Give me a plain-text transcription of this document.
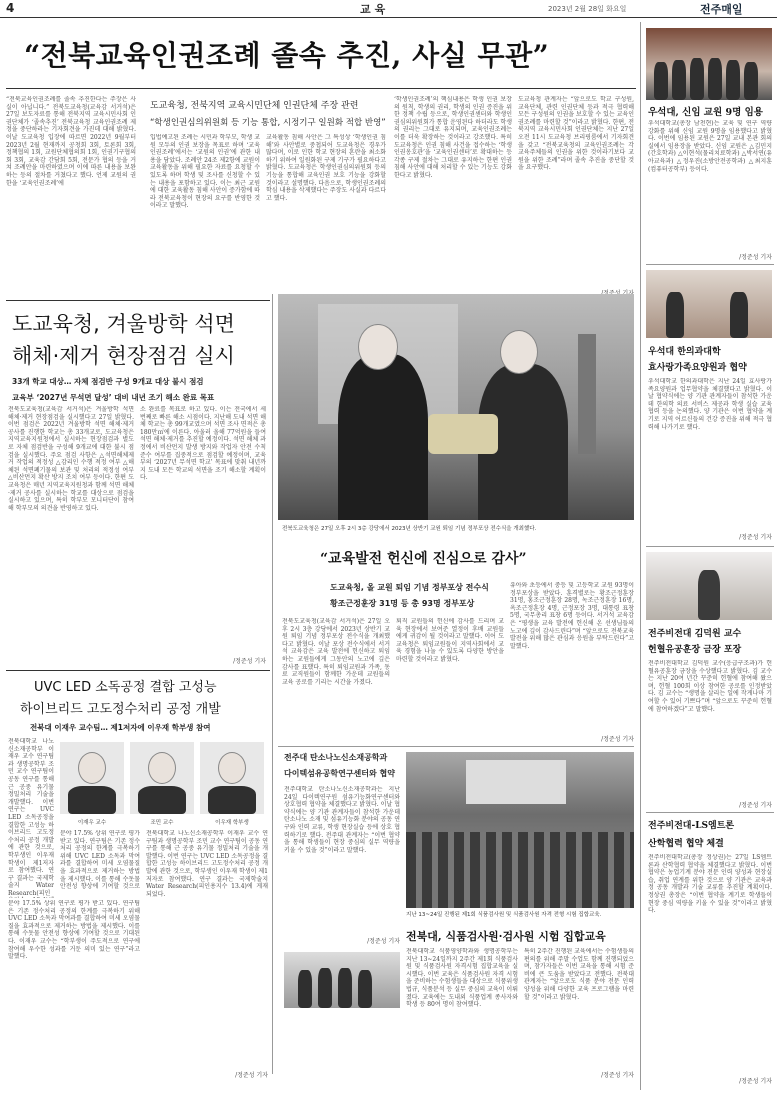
4	교육	2023년 2월 28일 화요일	전주매일
“전북교육인권조례 졸속 추진, 사실 무관”
“전북교육인권조례를 졸속 추진한다는 주장은 사실이 아닙니다.” 전북도교육청(교육감 서거석)은 27일 보도자료를 통해 전북지역 교육시민사회 인권단체가 ‘졸속추진’ 전북교육청 교육인권조례 제정을 중단하라는 기자회견을 가진데 대해 밝혔다. 이날 도교육청 입장에 따르면 2022년 9월부터 2023년 2월 현재까지 공청회 3회, 토론회 3회, 정책협의 1회, 교원단체협의회 1회, 인권기구협의회 3회, 교육감 간담회 5회, 전문가 협의 등을 거쳐 조례안을 마련하였으며 이에 따른 내용을 보완하는 등의 절차를 거쳤다고 했다. 언제 교원의 권한을 ‘교육인권조례’에
도교육청, 전북지역 교육시민단체 인권단체 주장 관련
“학생인권심의위원회 등 기능 통합, 시정기구 일원화 적합 반영”
입법예고된 조례는 시민과 학부모, 학생 교원 모두의 인권 보장을 목표로 하며 ‘교육인권조례’에서는 ‘교원의 인권’에 관한 내용을 담았다. 조례안 24조 제2항에 교원이 교육활동을 위해 필요한 자료를 요청할 수 있도록 하며 학생 및 조사를 신청할 수 있는 내용을 포함하고 있다. 이는 최근 교원에 대한 교육활동 침해 사안이 증가함에 따라 전북교육청이 현장의 요구를 반영한 것이라고 말했다.
교육활동 침해 사안은 그 특성상 ‘학생인권 침해’와 사안별로 중첩되어 도교육청은 경우가 많다며, 이로 인한 학교 현장의 혼란을 최소화하기 위하여 일원화된 구제 기구가 필요하다고 밝혔다. 도교육청은 학생인권심의위원회 등의 기능을 통합해 교육인권 보호 기능을 강화할 것이라고 설명했다. 다음으로, 학생인권조례의 학심 내용을 삭제했다는 주장도 사실과 다르다고 했다.
‘학생인권조례’의 핵심내용은 학생 인권 보장의 원칙, 학생의 권리, 학생의 인권 증진을 위한 정책 수립 등으로, 학생인권센터와 학생인권심의위원회가 통합 운영된다 하더라도 학생의 권리는 그대로 유지되며, 교육인권조례는 이를 더욱 확장하는 것이라고 강조했다. 특히 도교육청은 인권 침해 사건을 접수하는 ‘학생인권옹호관’을 ‘교육인권센터’로 확대하는 등 각종 구제 절차는 그대로 유지하는 한편 인권 침해 사안에 대해 처리할 수 있는 기능도 강화한다고 밝혔다.
도교육청 관계자는 “앞으로도 학교 구성원, 교육단체, 관련 인권단체 등과 적극 협력해 모든 구성원의 인권을 보호할 수 있는 교육인권조례를 마련할 것”이라고 밝혔다. 한편, 전북지역 교육시민사회 인권단체는 지난 27일 오전 11시 도교육청 브리핑룸에서 기자회견을 갖고 “전북교육청의 교육인권조례는 각 교육주체들의 인권을 위한 것이라기보다 교원을 위한 조례”라며 졸속 추진을 중단할 것을 요구했다.
우석대, 신임 교원 9명 임용
우석대학교(총장 남천현)는 교육 및 연구 역량 강화를 위해 신임 교원 9명을 임용했다고 밝혔다. 이번에 임용된 교원은 27일 교내 본관 회의실에서 임용장을 받았다. 신임 교원은 △김민지(간호학과) △이현석(물리치료학과) △박서연(유아교육과) △정우진(소방안전공학과) △최지훈(컴퓨터공학부) 등이다.
/정준성 기자
우석대 한의과대학
효사랑가족요양원과 협약
우석대학교 한의과대학은 지난 24일 효사랑가족요양원과 업무협약을 체결했다고 밝혔다. 이날 협약식에는 양 기관 관계자들이 참석한 가운데 한의학 의료 서비스 제공과 학생 실습 교육 협력 등을 논의했다. 양 기관은 이번 협약을 계기로 지역 어르신들의 건강 증진을 위해 적극 협력해 나가기로 했다.
/정준성 기자
전주비전대 김덕원 교수
헌혈유공훈장 금장 포장
전주비전대학교 김덕원 교수(응급구조과)가 헌혈유공훈장 금장을 수상했다고 밝혔다. 김 교수는 지난 20여 년간 꾸준히 헌혈에 참여해 왔으며, 헌혈 100회 이상 참여한 공로를 인정받았다. 김 교수는 “생명을 살리는 일에 작게나마 기여할 수 있어 기쁘다”며 “앞으로도 꾸준히 헌혈에 참여하겠다”고 말했다.
/정준성 기자
전주비전대-LS엠트론
산학협력 협약 체결
전주비전대학교(총장 정상권)는 27일 LS엠트론과 산학협력 협약을 체결했다고 밝혔다. 이번 협약은 농업기계 분야 전문 인력 양성과 현장실습, 취업 연계를 위한 것으로 양 기관은 교육과정 공동 개발과 기술 교류를 추진할 계획이다. 정상권 총장은 “이번 협약을 계기로 학생들이 현장 중심 역량을 키울 수 있을 것”이라고 밝혔다.
/정준성 기자
도교육청, 겨울방학 석면
해체·제거 현장점검 실시
33개 학교 대상… 자체 점검반 구성 9개교 대상 불시 점검
교육부 ‘2027년 무석면 달성’ 대비 내년 조기 해소 완료 목표
전북도교육청(교육감 서거석)은 겨울방학 석면 해체·제거 현장점검을 실시했다고 27일 밝혔다. 이번 점검은 2022년 겨울방학 석면 해체·제거 공사를 진행한 학교는 총 33개교로, 도교육청은 지역교육지원청에서 실시하는 현장점검과 별도로 자체 점검반을 구성해 9개교에 대한 불시 점검을 실시했다. 주요 점검 사항은 △석면해체제거 작업의 적정성 △감리인 수행 적정 여부 △해체된 석면폐기물의 보관 및 처리의 적정성 여부 △비산먼지 확산 방지 조치 여부 등이다. 한편 도교육청은 매년 지역교육지원청과 함께 석면 해체·제거 공사를 실시하는 학교를 대상으로 점검을 실시하고 있으며, 특히 학부모 모니터단이 참여해 학부모의 의견을 반영하고 있다.
소 완료를 목표로 하고 있다. 이는 전국에서 세 번째로 빠른 해소 시점이다. 지난해 도내 석면 해체 학교는 총 99개교였으며 석면 조사 면적은 총 180만㎡에 이른다. 아울러 올해 77억원을 들여 석면 해체·제거를 추진할 예정이다. 석면 해체 과정에서 비산먼지 발생 방지와 작업자 안전 수칙 준수 여부를 집중적으로 점검할 예정이며, 교육부의 ‘2027년 무석면 학교’ 목표에 맞춰 내년까지 도내 모든 학교의 석면을 조기 해소할 계획이다.
/정준성 기자
전북도교육청은 27일 오후 2시 3층 강당에서 2023년 상반기 교원 퇴임 기념 정부포상 전수식을 개최했다.
“교육발전 헌신에 진심으로 감사”
도교육청, 올 교원 퇴임 기념 정부포상 전수식
황조근정훈장 31명 등 총 93명 정부포상
전북도교육청(교육감 서거석)은 27일 오후 2시 3층 강당에서 2023년 상반기 교원 퇴임 기념 정부포상 전수식을 개최했다고 밝혔다. 이날 포상 전수식에서 서거석 교육감은 교육 발전에 헌신하고 퇴임하는 교원들에게 그동안의 노고에 깊은 감사를 표했다. 특히 퇴임교원과 가족, 동료 교직원들이 함께한 가운데 교원들의 교육 공로를 기리는 시간을 가졌다.
퇴직 교원들의 헌신에 감사를 드리며 교육 현장에서 보여준 열정이 후배 교원들에게 귀감이 될 것이라고 말했다. 이어 도교육청은 퇴임교원들이 지역사회에서 교육 경험을 나눌 수 있도록 다양한 방안을 마련할 것이라고 밝혔다.
유아와 초등에서 중등 및 고등학교 교원 93명이 정부포상을 받았다. 훈격별로는 황조근정훈장 31명, 홍조근정훈장 28명, 녹조근정훈장 16명, 옥조근정훈장 4명, 근정포장 3명, 대통령 표창 5명, 국무총리 표창 6명 등이다. 서거석 교육감은 “평생을 교육 발전에 헌신해 온 선생님들의 노고에 깊이 감사드린다”며 “앞으로도 전북교육 발전을 위해 많은 관심과 응원을 부탁드린다”고 말했다.
/정준성 기자
UVC LED 소독공정 결합 고성능
하이브리드 고도정수처리 공정 개발
전북대 이재우 교수팀… 제1저자에 이우재 학부생 참여
전북대학교 나노신소재공학부 이재우 교수 연구팀과 생명공학부 조민 교수 연구팀이 공동 연구를 통해 근 공중 유기물 정밀처리 기술을 개발했다. 이번 연구는 UVC LED 소독공정을 결합한 고성능 하이브리드 고도정수처리 공정 개발에 관한 것으로, 학부생인 이우재 학생이 제1저자로 참여했다. 연구 결과는 국제학술지 Water Research(피인
이재우 교수	조민 교수	이우재 학부생
분야 17.5% 상위 연구로 평가 받고 있다. 연구팀은 기존 정수처리 공정의 한계를 극복하기 위해 UVC LED 소독과 막여과를 결합하여 미세 오염물질을 효과적으로 제거하는 방법을 제시했다. 이를 통해 수돗물 안전성 향상에 기여할 것으로
전북대학교 나노신소재공학부 이재우 교수 연구팀과 생명공학부 조민 교수 연구팀이 공동 연구를 통해 근 공중 유기물 정밀처리 기술을 개발했다. 이번 연구는 UVC LED 소독공정을 결합한 고성능 하이브리드 고도정수처리 공정 개발에 관한 것으로, 학부생인 이우재 학생이 제1저자로 참여했다. 연구 결과는 국제학술지 Water Research(피인용지수 13.4)에 게재되었다.
분야 17.5% 상위 연구로 평가 받고 있다. 연구팀은 기존 정수처리 공정의 한계를 극복하기 위해 UVC LED 소독과 막여과를 결합하여 미세 오염물질을 효과적으로 제거하는 방법을 제시했다. 이를 통해 수돗물 안전성 향상에 기여할 것으로 기대된다. 이재우 교수는 “학부생이 주도적으로 연구에 참여해 우수한 성과를 거둔 의미 있는 연구”라고 말했다.
/정준성 기자
전주대 탄소나노신소재공학과
다이텍섬유공학연구센터와 협약
전주대학교 탄소나노신소재공학과는 지난 24일 다이텍연구원 섬유기능화연구센터와 상호협력 협약을 체결했다고 밝혔다. 이날 협약식에는 양 기관 관계자들이 참석한 가운데 탄소나노 소재 및 섬유기능화 분야의 공동 연구와 인력 교류, 학생 현장실습 등에 상호 협력하기로 했다. 전주대 관계자는 “이번 협약을 통해 학생들이 현장 중심의 실무 역량을 키울 수 있을 것”이라고 말했다.
/정준성 기자
지난 13~24일 진행된 제1회 식품검사원 및 식품검사원 자격 전형 시험 집합교육.
전북대, 식품검사원·검사원 시험 집합교육
전북대학교 식품영양학과와 생명공학부는 지난 13~24일까지 2주간 제1회 식품검사원 및 식품검사원 자격시험 집합교육을 실시했다. 이번 교육은 식품검사원 자격 시험을 준비하는 수험생들을 대상으로 식품위생법규, 식품분석 등 실무 중심의 교육이 이뤄졌다. 교육에는 도내외 식품업계 종사자와 학생 등 80여 명이 참여했다.
특히 2주간 진행된 교육에서는 수험생들의 편의를 위해 주말 수업도 함께 진행되었으며, 참가자들은 이번 교육을 통해 시험 준비에 큰 도움을 받았다고 전했다. 전북대 관계자는 “앞으로도 식품 분야 전문 인력 양성을 위해 다양한 교육 프로그램을 마련할 것”이라고 밝혔다.
/정준성 기자
